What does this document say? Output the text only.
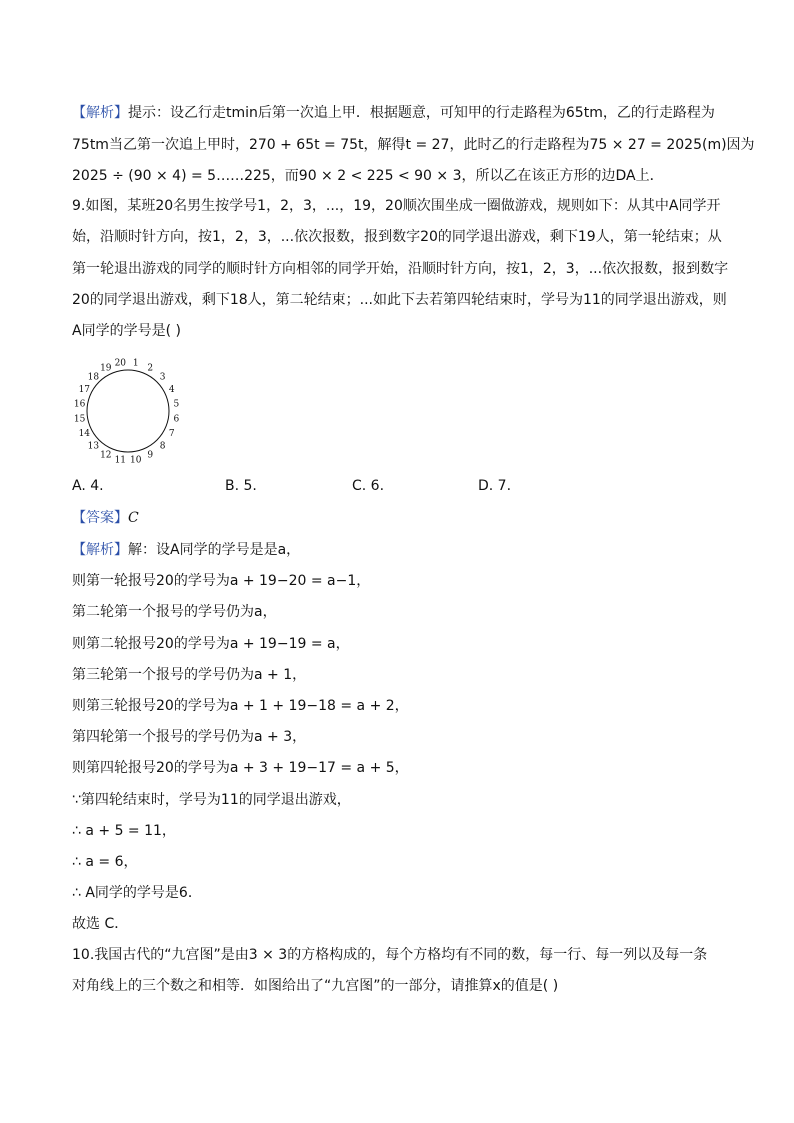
【解析】提示：设乙行走tmin后第一次追上甲．根据题意，可知甲的行走路程为65tm，乙的行走路程为
75tm当乙第一次追上甲时，270 + 65t = 75t，解得t = 27，此时乙的行走路程为75 × 27 = 2025(m)因为
2025 ÷ (90 × 4) = 5……225，而90 × 2 < 225 < 90 × 3，所以乙在该正方形的边DA上．
9.如图，某班20名男生按学号1，2，3，...，19，20顺次围坐成一圈做游戏，规则如下：从其中A同学开
始，沿顺时针方向，按1，2，3，...依次报数，报到数字20的同学退出游戏，剩下19人，第一轮结束；从
第一轮退出游戏的同学的顺时针方向相邻的同学开始，沿顺时针方向，按1，2，3，...依次报数，报到数字
20的同学退出游戏，剩下18人，第二轮结束；...如此下去若第四轮结束时，学号为11的同学退出游戏，则
A同学的学号是( )
1 2
3
4
5
6
7
8
9
10
11
12
13
14
15
16
17
18
19 20
A. 4.	B. 5.	C. 6.	D. 7.
【答案】C
【解析】解：设A同学的学号是是a，
则第一轮报号20的学号为a + 19−20 = a−1，
第二轮第一个报号的学号仍为a，
则第二轮报号20的学号为a + 19−19 = a，
第三轮第一个报号的学号仍为a + 1，
则第三轮报号20的学号为a + 1 + 19−18 = a + 2，
第四轮第一个报号的学号仍为a + 3，
则第四轮报号20的学号为a + 3 + 19−17 = a + 5，
∵第四轮结束时，学号为11的同学退出游戏，
∴ a + 5 = 11，
∴ a = 6，
∴ A同学的学号是6．
故选 C．
10.我国古代的“九宫图”是由3 × 3的方格构成的，每个方格均有不同的数，每一行、每一列以及每一条
对角线上的三个数之和相等．如图给出了“九宫图”的一部分，请推算x的值是( )
